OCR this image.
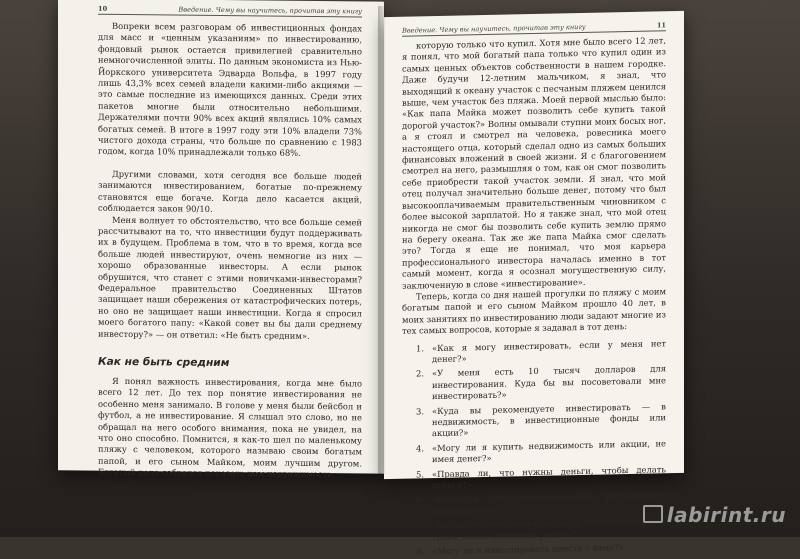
10	Введение. Чему вы научитесь, прочитав эту книгу

Вопреки всем разговорам об инвестиционных фондах для масс и «ценным указаниям» по инвестированию, фондовый рынок остается привилегией сравнительно немногочисленной элиты. По данным экономиста из Нью-Йоркского университета Эдварда Вольфа, в 1997 году лишь 43,3% всех семей владели какими-либо акциями — это самые последние из имеющихся данных. Среди этих пакетов многие были относительно небольшими. Держателями почти 90% всех акций являлись 10% самых богатых семей. В итоге в 1997 году эти 10% владели 73% чистого дохода страны, что больше по сравнению с 1983 годом, когда 10% принадлежали только 68%.

Другими словами, хотя сегодня все больше людей занимаются инвестированием, богатые по-прежнему становятся еще богаче. Когда дело касается акций, соблюдается закон 90/10.

Меня волнует то обстоятельство, что все больше семей рассчитывают на то, что инвестиции будут поддерживать их в будущем. Проблема в том, что в то время, когда все больше людей инвестируют, очень немногие из них — хорошо образованные инвесторы. А если рынок обрушится, что станет с этими новичками-инвесторами? Федеральное правительство Соединенных Штатов защищает наши сбережения от катастрофических потерь, но оно не защищает наши инвестиции. Когда я спросил моего богатого папу: «Какой совет вы бы дали среднему инвестору?» — он ответил: «Не быть средним».

Как не быть средним

Я понял важность инвестирования, когда мне было всего 12 лет. До тех пор понятие инвестирования не особенно меня занимало. В голове у меня были бейсбол и футбол, а не инвестирование. Я слышал это слово, но не обращал на него особого внимания, пока не увидел, на что оно способно. Помнится, я как-то шел по маленькому пляжу с человеком, которого называю своим богатым папой, и его сыном Майком, моим лучшим другом. Богатый папа собрался показать нам недвижимость,

Введение. Чему вы научитесь, прочитав эту книгу	11

которую только что купил. Хотя мне было всего 12 лет, я понял, что мой богатый папа только что купил один из самых ценных объектов собственности в нашем городке. Даже будучи 12-летним мальчиком, я знал, что выходящий к океану участок с песчаным пляжем ценился выше, чем участок без пляжа. Моей первой мыслью было: «Как папа Майка может позволить себе купить такой дорогой участок?» Волны омывали ступни моих босых ног, а я стоял и смотрел на человека, ровесника моего настоящего отца, который сделал одно из самых больших финансовых вложений в своей жизни. Я с благоговением смотрел на него, размышляя о том, как он смог позволить себе приобрести такой участок земли. Я знал, что мой отец получал значительно больше денег, потому что был высокооплачиваемым правительственным чиновником с более высокой зарплатой. Но я также знал, что мой отец никогда не смог бы позволить себе купить землю прямо на берегу океана. Так же же папа Майка смог сделать это? Тогда я еще не понимал, что моя карьера профессионального инвестора началась именно в тот самый момент, когда я осознал могущественную силу, заключенную в слове «инвестирование».

Теперь, когда со дня нашей прогулки по пляжу с моим богатым папой и его сыном Майком прошло 40 лет, в моих занятиях по инвестированию люди задают многие из тех самых вопросов, которые я задавал в тот день:

1. «Как я могу инвестировать, если у меня нет денег?»
2. «У меня есть 10 тысяч долларов для инвестирования. Куда бы вы посоветовали мне инвестировать?»
3. «Куда вы рекомендуете инвестировать — в недвижимость, в инвестиционные фонды или акции?»
4. «Могу ли я купить недвижимость или акции, не имея денег?»
5. «Правда ли, что нужны деньги, чтобы делать деньги?»
6. «Является ли инвестирование рискованным предприятием?»
7. «Как вы можете получать такие высокие доходы с таким незначительным риском?»
8. «Могу ли я инвестировать вместе с вами?»
labirint.ru
